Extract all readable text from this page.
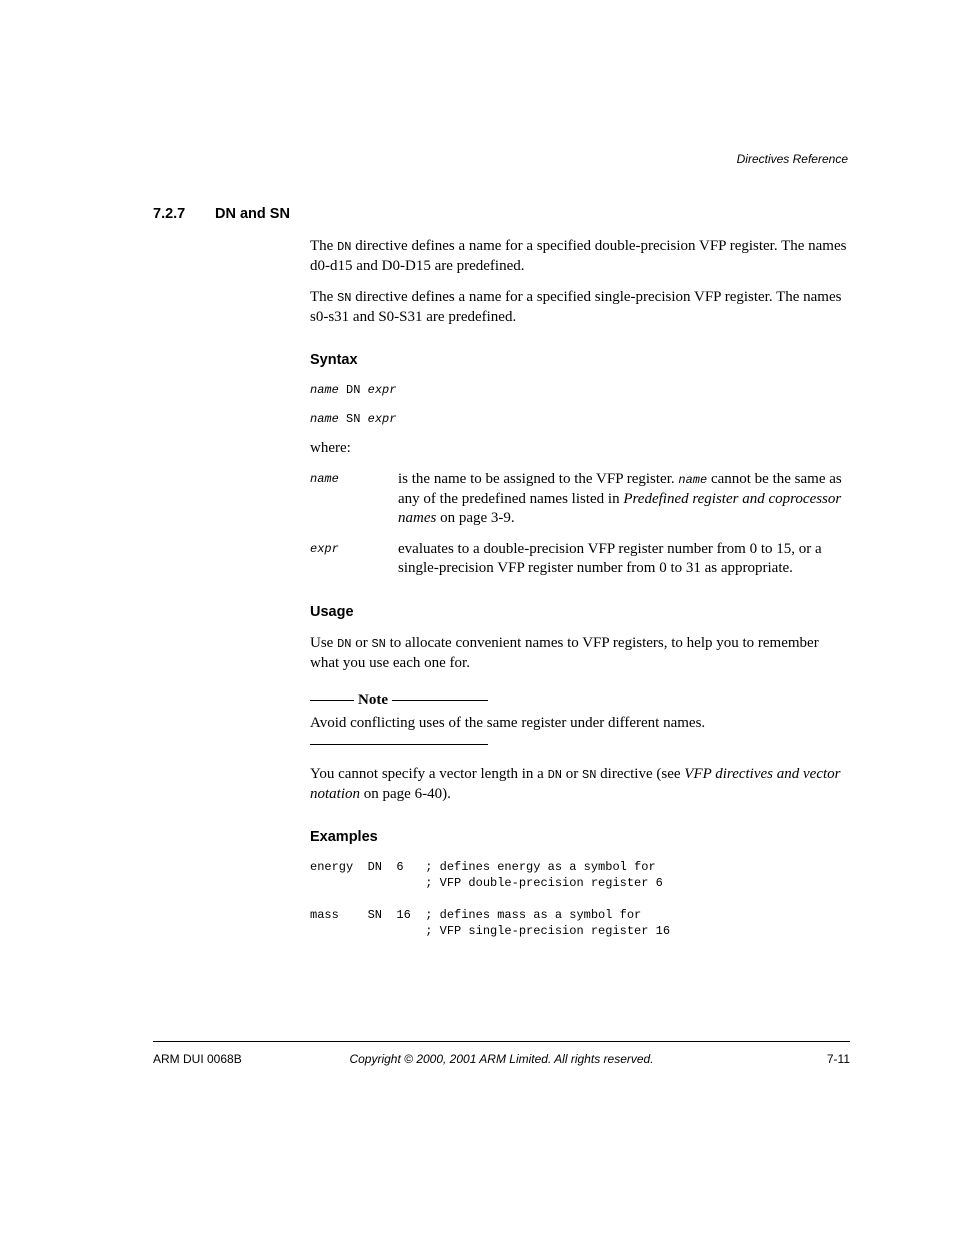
Directives Reference
7.2.7 DN and SN

The DN directive defines a name for a specified double-precision VFP register. The names d0-d15 and D0-D15 are predefined.

The SN directive defines a name for a specified single-precision VFP register. The names s0-s31 and S0-S31 are predefined.

Syntax
name DN expr
name SN expr

where:

name	is the name to be assigned to the VFP register. name cannot be the same as any of the predefined names listed in Predefined register and coprocessor names on page 3-9.
expr	evaluates to a double-precision VFP register number from 0 to 15, or a single-precision VFP register number from 0 to 31 as appropriate.
Usage

Use DN or SN to allocate convenient names to VFP registers, to help you to remember what you use each one for.

Note

Avoid conflicting uses of the same register under different names.

You cannot specify a vector length in a DN or SN directive (see VFP directives and vector notation on page 6-40).

Examples
energy  DN  6   ; defines energy as a symbol for
; VFP double-precision register 6

mass    SN  16  ; defines mass as a symbol for
; VFP single-precision register 16
ARM DUI 0068B	Copyright © 2000, 2001 ARM Limited. All rights reserved.	7-11
